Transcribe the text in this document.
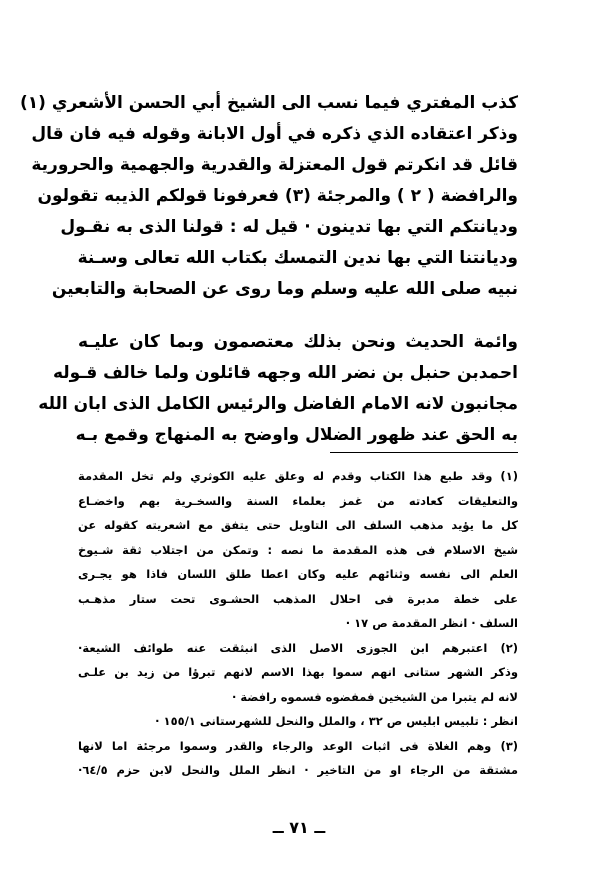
كذب المفتري فيما نسب الى الشيخ أبي الحسن الأشعري (١)
وذكر اعتقاده الذي ذكره في أول الابانة وقوله فيه فان قال
قائل قد انكرتم قول المعتزلة والقدرية والجهمية والحرورية
والرافضة ( ٢ ) والمرجئة (٣) فعرفونا قولكم الذيبه تقولون
وديانتكم التي بها تدينون · قيل له : قولنا الذى به نقـول
وديانتنا التي بها ندين التمسك بكتاب الله تعالى وسـنة
نبيه صلى الله عليه وسلم وما روى عن الصحابة والتابعين
وائمة الحديث ونحن بذلك معتصمون وبما كان عليـه
احمدبن حنبل بن نضر الله وجهه قائلون ولما خالف قـوله
مجانبون لانه الامام الفاضل والرئيس الكامل الذى ابان الله
به الحق عند ظهور الضلال واوضح به المنهاج وقمع بـه
(١) وقد طبع هذا الكتاب وقدم له وعلق عليه الكوثري ولم تخل المقدمة
والتعليقات كعادته من غمز بعلماء السنة والسخـرية بهم واخضـاع
كل ما يؤيد مذهب السلف الى التاويل حتى يتفق مع اشعريته كقوله عن
شيخ الاسلام فى هذه المقدمة ما نصه : وتمكن من اجتلاب ثقة شـيوخ
العلم الى نفسه وثنائهم عليه وكان اعطا طلق اللسان فاذا هو يجـرى
على خطة مدبرة فى احلال المذهب الحشـوى تحت ستار مذهـب
السلف · انظر المقدمة ص ١٧ ·
(٢) اعتبرهم ابن الجوزى الاصل الذى انبثقت عنه طوائف الشيعة·
وذكر الشهر ستانى انهم سموا بهذا الاسم لانهم تبرؤا من زيد بن علـى
لانه لم يتبرا من الشيخين فمفضوه فسموه رافضة ·
انظر : تلبيس ابليس ص ٣٢ ، والملل والنحل للشهرستانى ١٥٥/١ ·
(٣) وهم الغلاة فى اثبات الوعد والرجاء والقدر وسموا مرجئة اما لانها
مشتقة من الرجاء او من التاخير · انظر الملل والنحل لابن حزم ٦٤/٥·
ــ ٧١ ــ
